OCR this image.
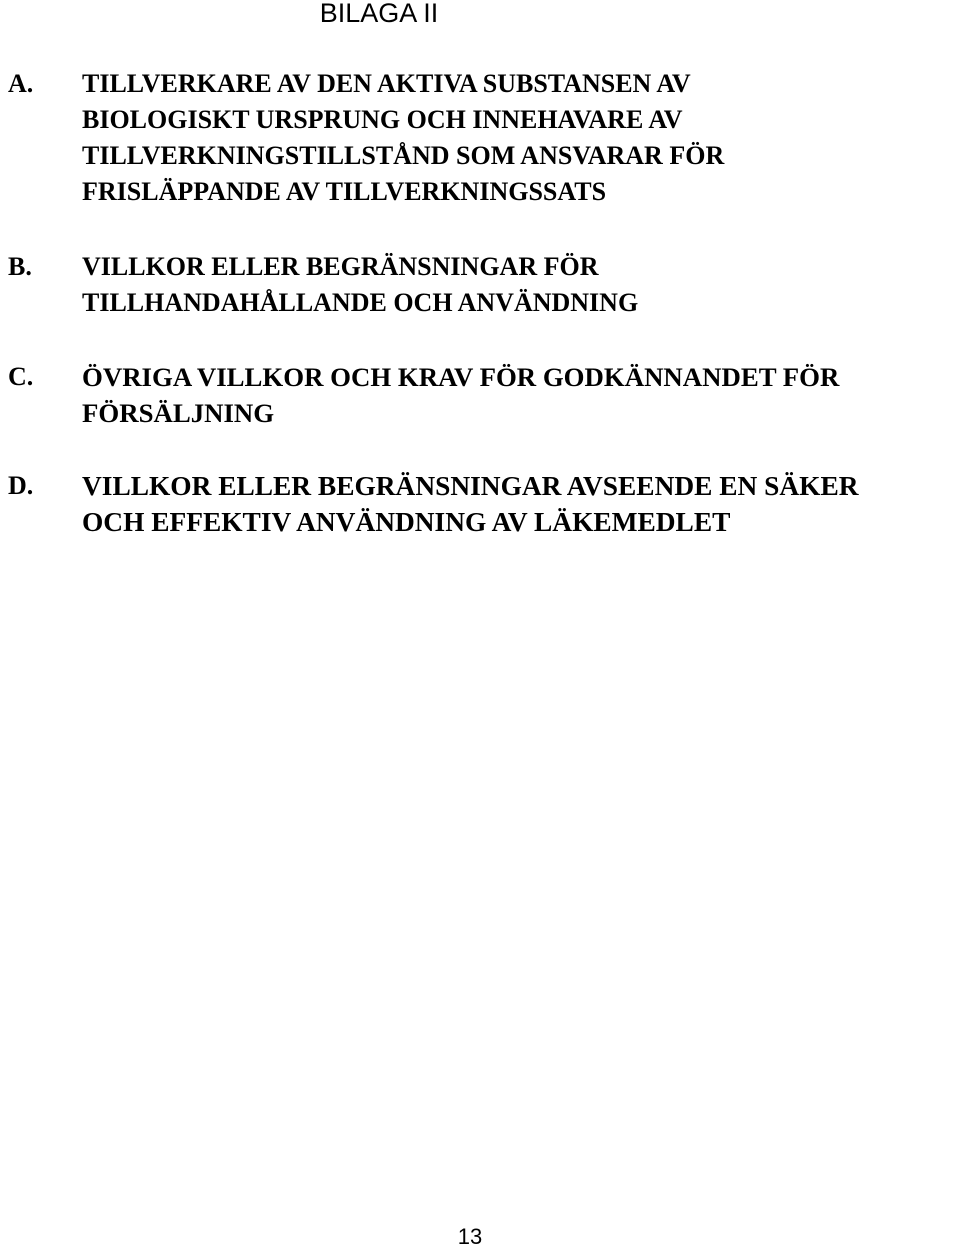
BILAGA II
A. TILLVERKARE AV DEN AKTIVA SUBSTANSEN AV
BIOLOGISKT URSPRUNG OCH INNEHAVARE AV
TILLVERKNINGSTILLSTÅND SOM ANSVARAR FÖR
FRISLÄPPANDE AV TILLVERKNINGSSATS
B. VILLKOR ELLER BEGRÄNSNINGAR FÖR
TILLHANDAHÅLLANDE OCH ANVÄNDNING
C. ÖVRIGA VILLKOR OCH KRAV FÖR GODKÄNNANDET FÖR
FÖRSÄLJNING
D. VILLKOR ELLER BEGRÄNSNINGAR AVSEENDE EN SÄKER
OCH EFFEKTIV ANVÄNDNING AV LÄKEMEDLET
13
